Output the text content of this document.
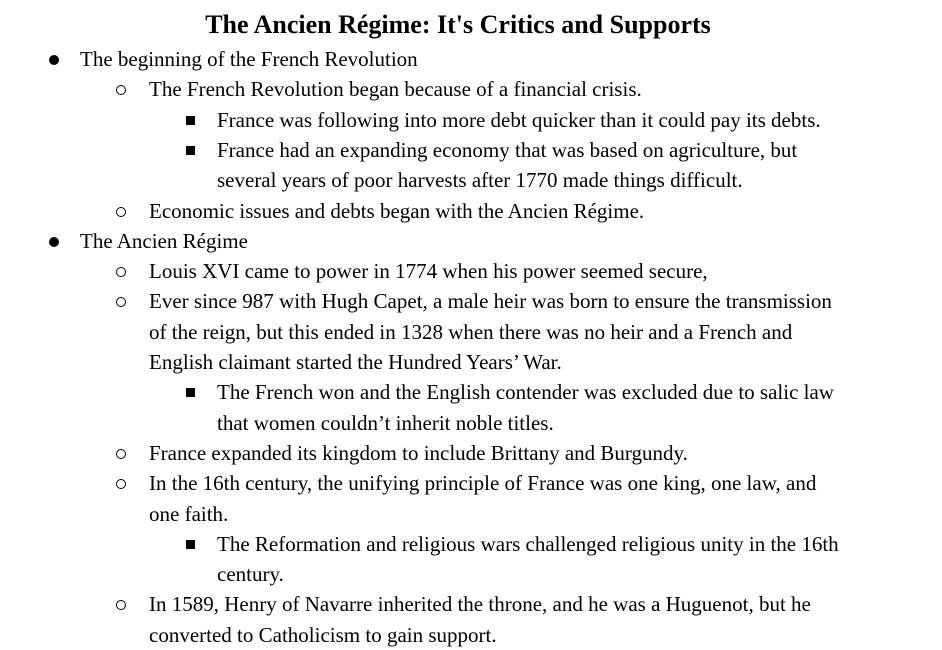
The Ancien Régime: It's Critics and Supports
The beginning of the French Revolution
The French Revolution began because of a financial crisis.
France was following into more debt quicker than it could pay its debts.
France had an expanding economy that was based on agriculture, but
several years of poor harvests after 1770 made things difficult.
Economic issues and debts began with the Ancien Régime.
The Ancien Régime
Louis XVI came to power in 1774 when his power seemed secure,
Ever since 987 with Hugh Capet, a male heir was born to ensure the transmission
of the reign, but this ended in 1328 when there was no heir and a French and
English claimant started the Hundred Years’ War.
The French won and the English contender was excluded due to salic law
that women couldn’t inherit noble titles.
France expanded its kingdom to include Brittany and Burgundy.
In the 16th century, the unifying principle of France was one king, one law, and
one faith.
The Reformation and religious wars challenged religious unity in the 16th
century.
In 1589, Henry of Navarre inherited the throne, and he was a Huguenot, but he
converted to Catholicism to gain support.
